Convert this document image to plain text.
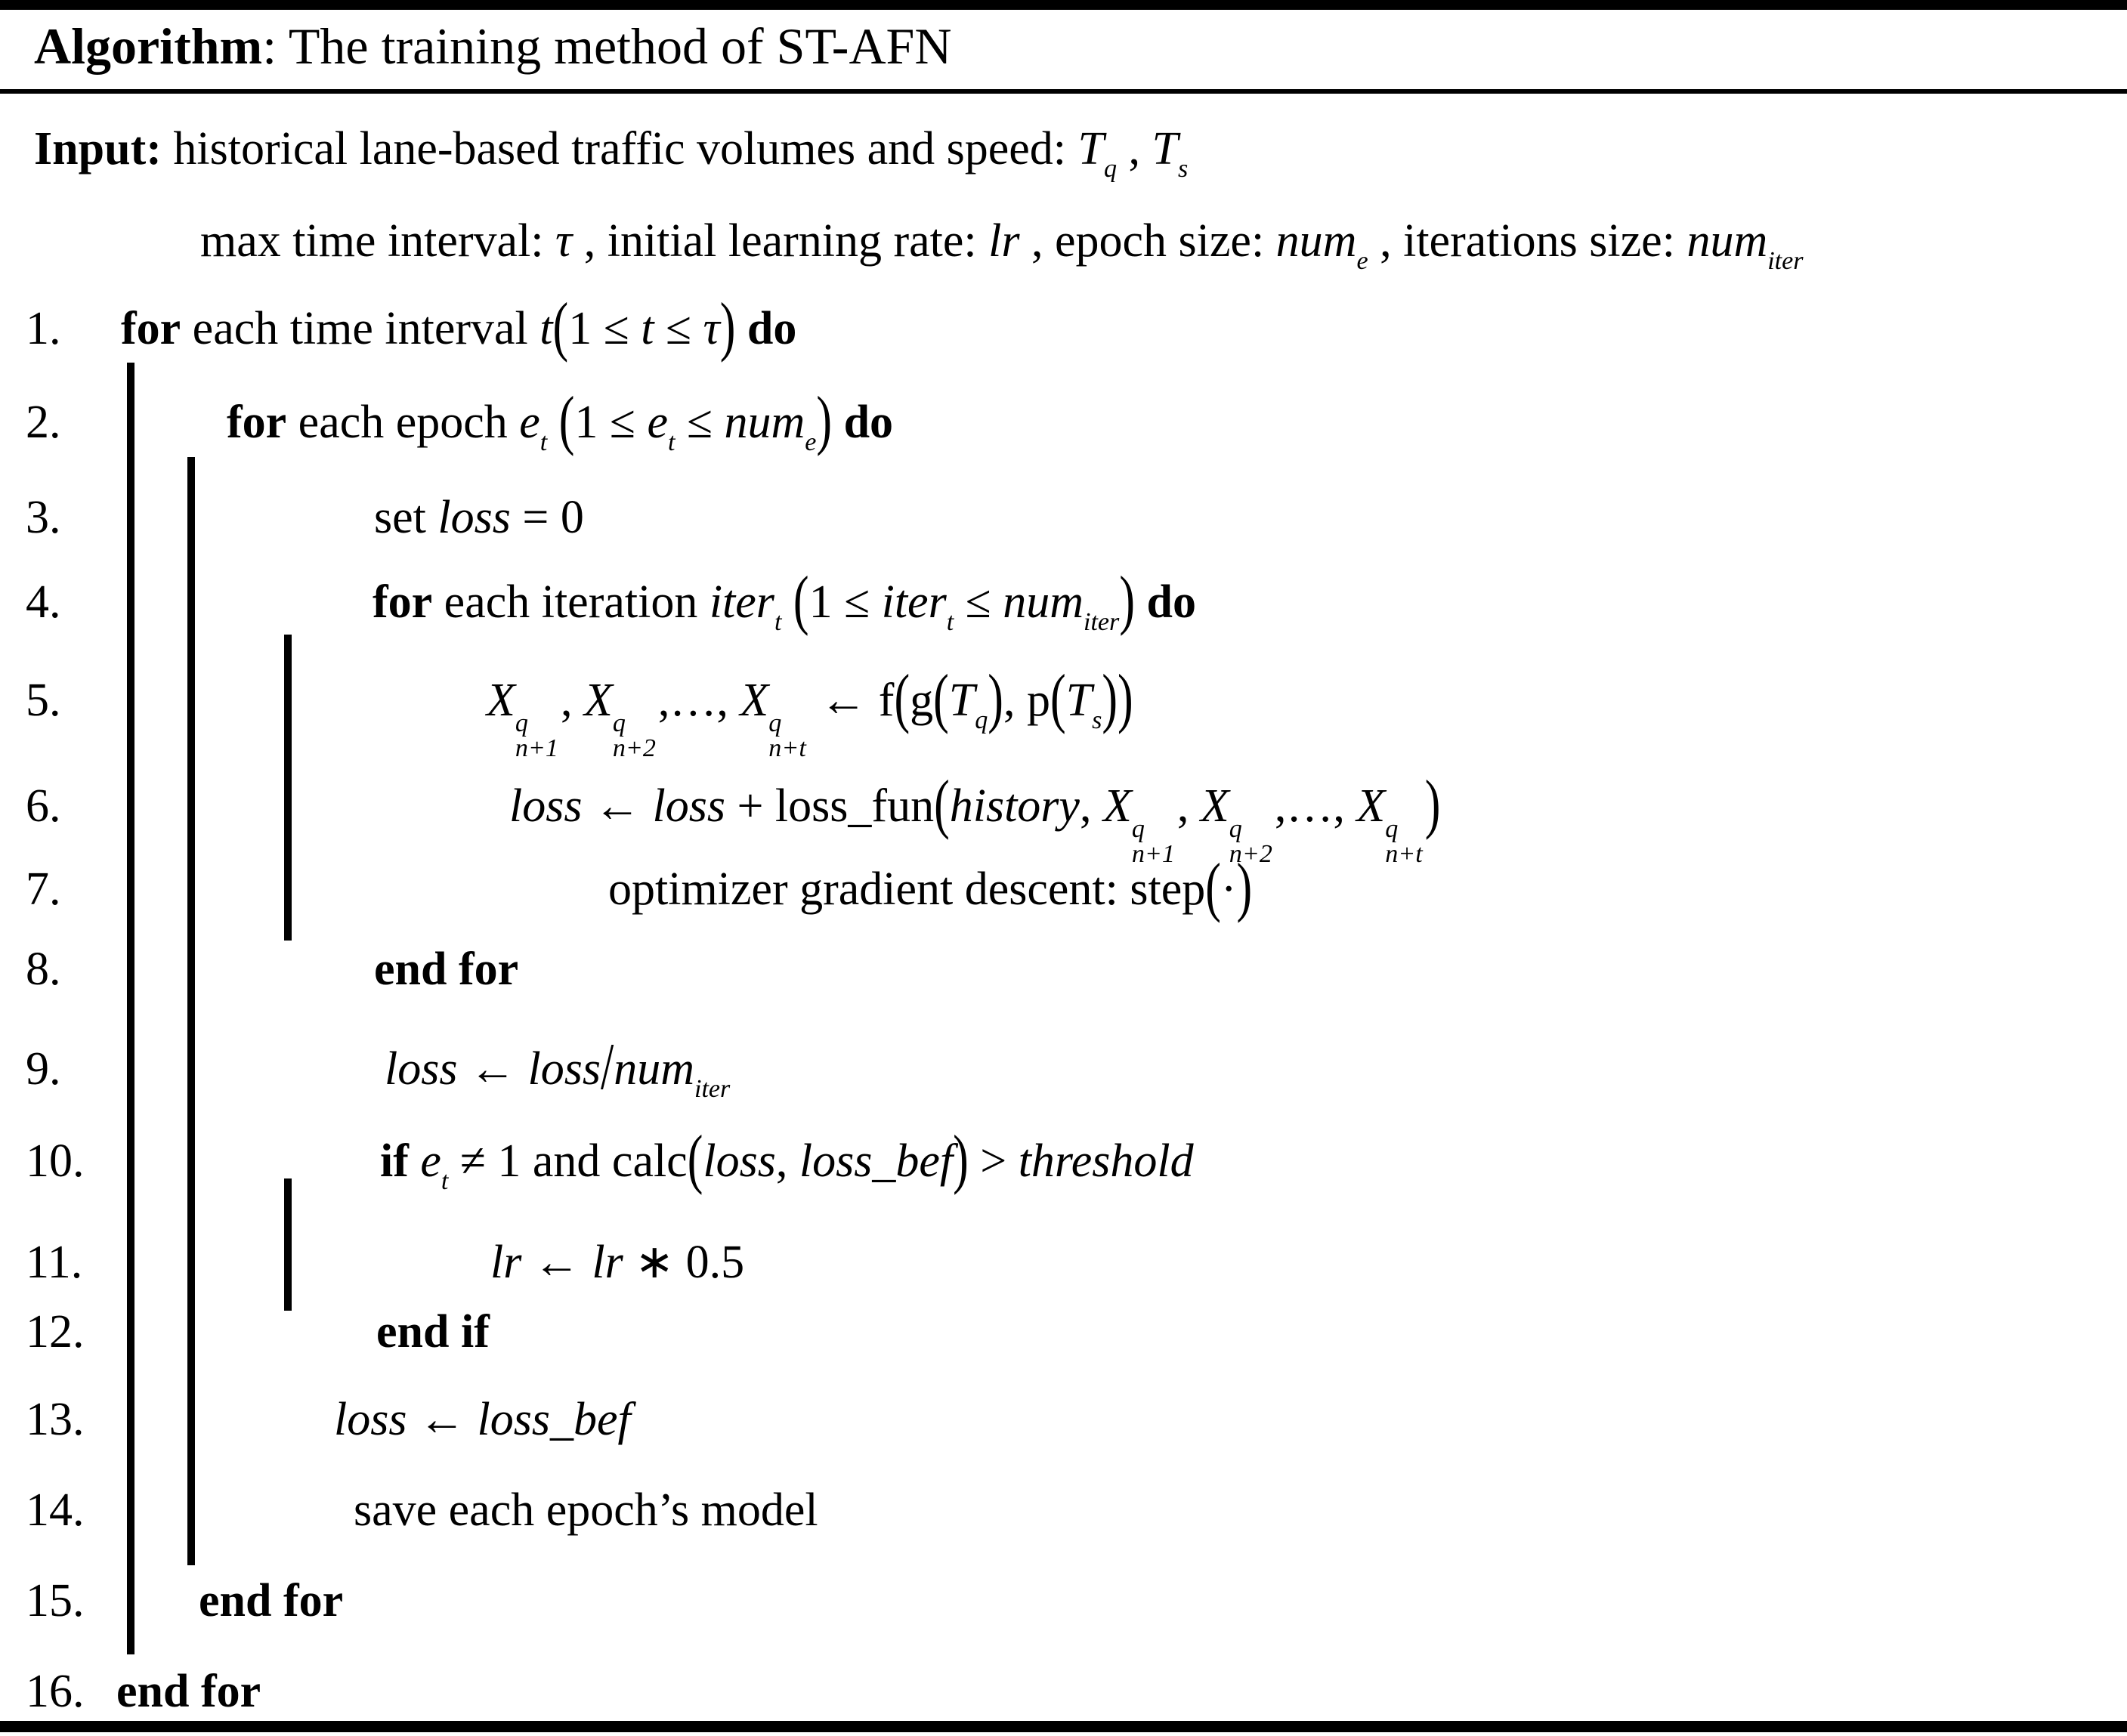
Algorithm: The training method of ST-AFN
Input: historical lane-based traffic volumes and speed: $T_q$ , $T_s$
max time interval: τ , initial learning rate: lr , epoch size: num$_e$ , iterations size: num$_{iter}$
1. for each time interval t(1 ≤ t ≤ τ) do
2.	for each epoch $e_t$ $(1 \le e_t \le num_e)$ do
3.	set loss = 0
4.	for each iteration iter$_t$ (1 ≤ iter$_t$ ≤ num$_{iter}$) do
5.	X q
n+1
, X q
n+2
,…, X q
n+t
← $f(g(T_q)$, $p(T_s)$)
6.	loss ← loss + loss_fun(history, X q
n+1
, X q
n+2
,…, X q
n+t
)
7.	optimizer gradient descent: step(·)
8.	end for
9.	loss ← loss/num$_{iter}$
10.	if $e_t \ne 1$ and calc(loss, loss_bef) > threshold
11.	lr ← lr ∗ 0.5
12.	end if
13.	loss ← loss_bef
14.	save each epoch’s model
15. end for
16. end for
